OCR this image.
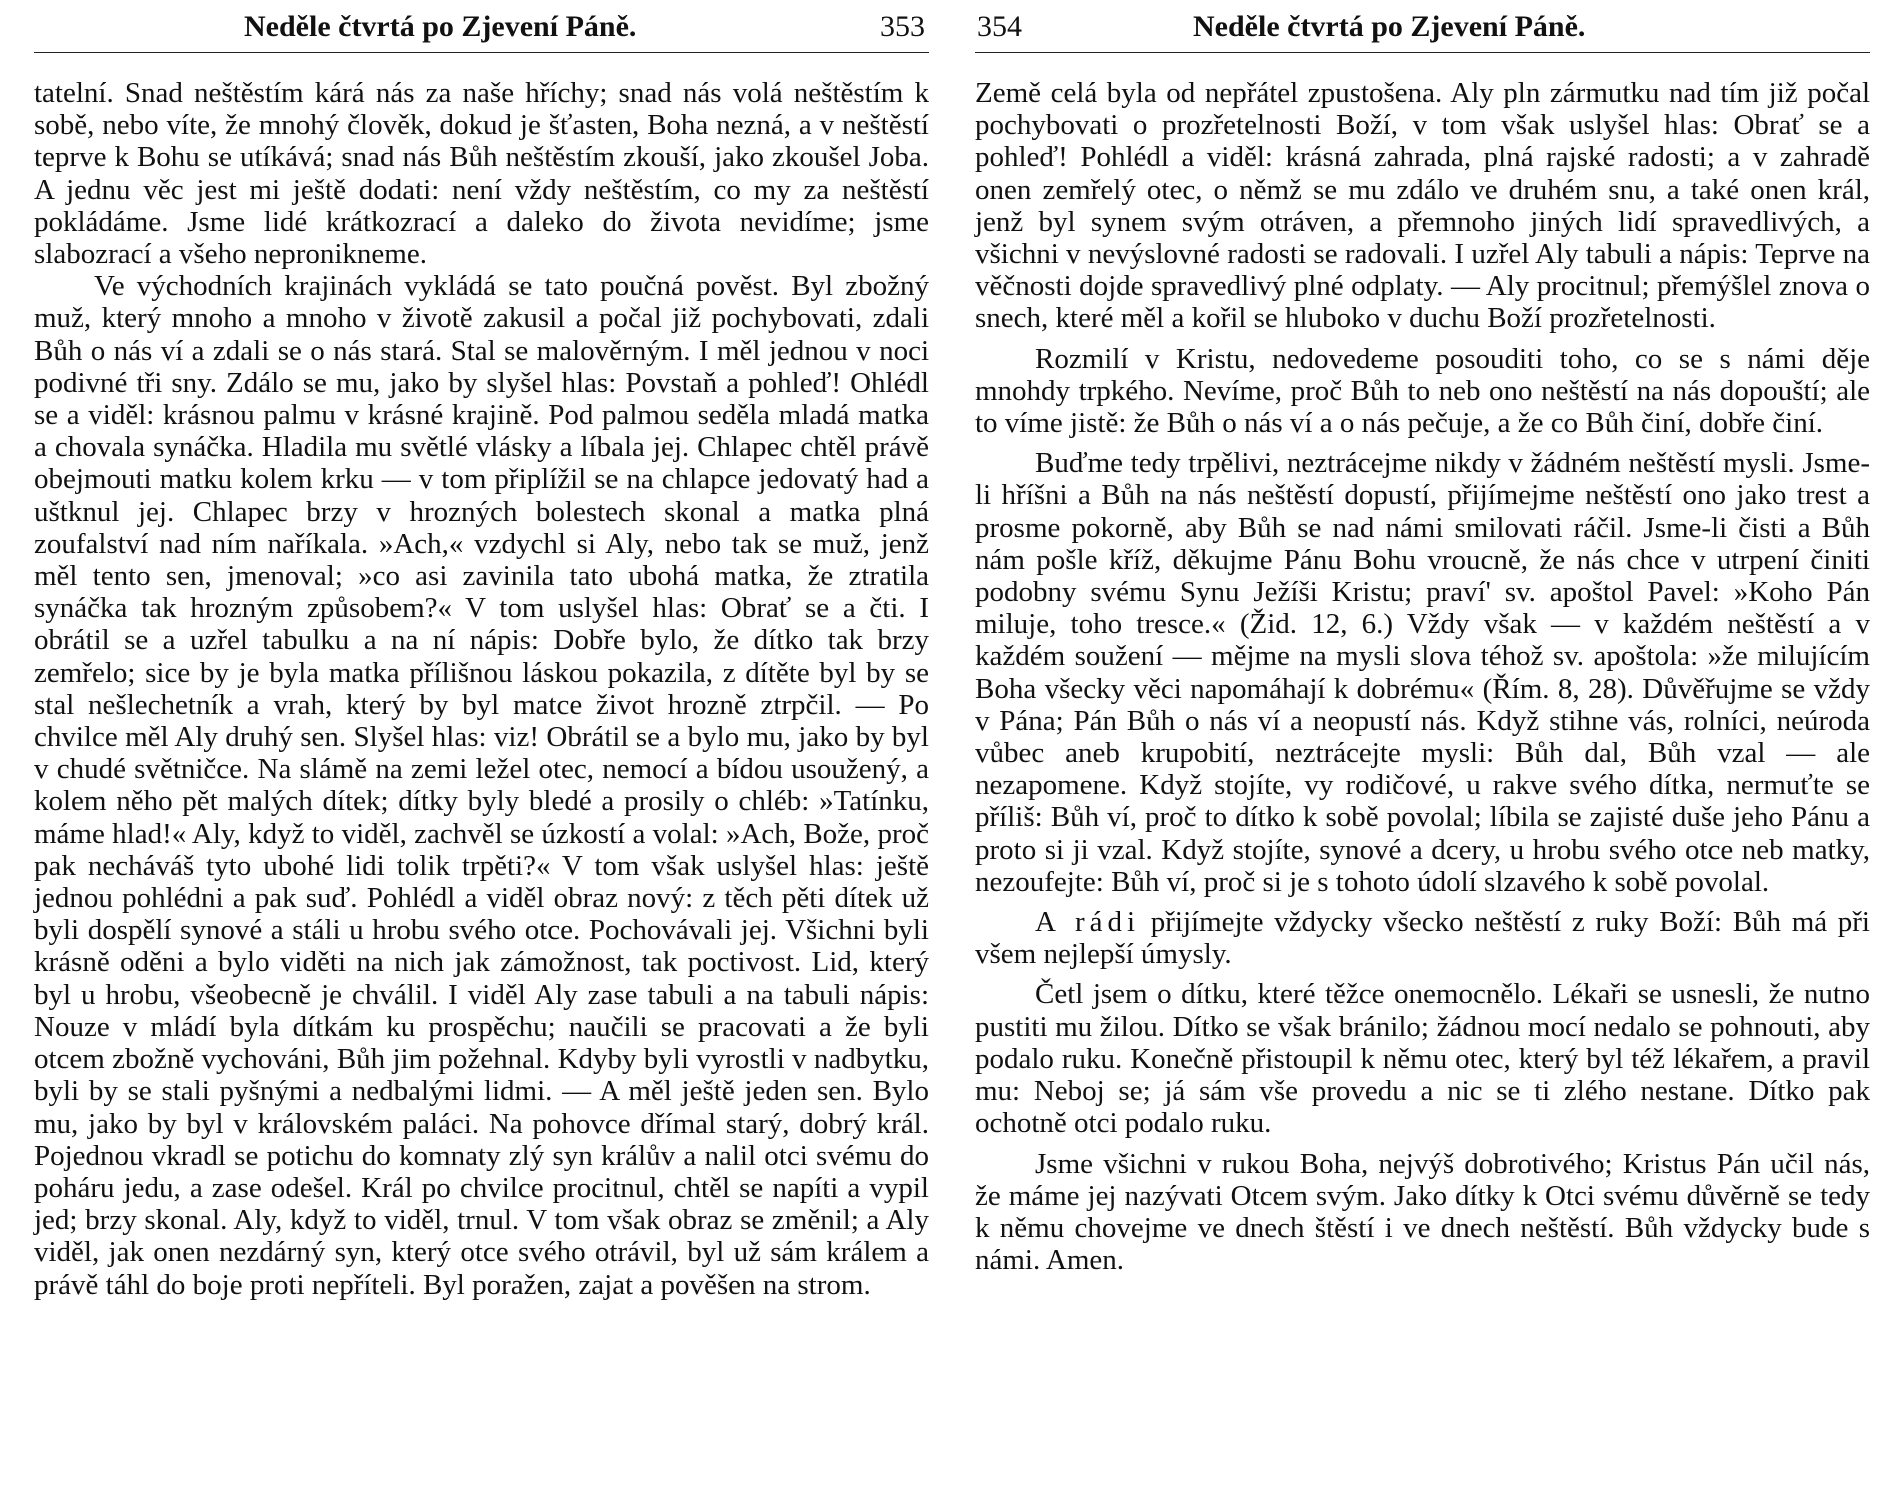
Neděle čtvrtá po Zjevení Páně.	353

tatelní. Snad neštěstím kárá nás za naše hříchy; snad nás volá neštěstím k sobě, nebo víte, že mnohý člověk, dokud je šťasten, Boha nezná, a v neštěstí teprve k Bohu se utíkává; snad nás Bůh neštěstím zkouší, jako zkoušel Joba. A jednu věc jest mi ještě dodati: není vždy neštěstím, co my za neštěstí pokládáme. Jsme lidé krátkozrací a daleko do života nevidíme; jsme slabozrací a všeho nepronikneme.

Ve východních krajinách vykládá se tato poučná pověst. Byl zbožný muž, který mnoho a mnoho v životě zakusil a počal již pochybovati, zdali Bůh o nás ví a zdali se o nás stará. Stal se malověrným. I měl jednou v noci podivné tři sny. Zdálo se mu, jako by slyšel hlas: Povstaň a pohleď! Ohlédl se a viděl: krásnou palmu v krásné krajině. Pod palmou seděla mladá matka a chovala synáčka. Hladila mu světlé vlásky a líbala jej. Chlapec chtěl právě obejmouti matku kolem krku — v tom připlížil se na chlapce jedovatý had a uštknul jej. Chlapec brzy v hrozných bolestech skonal a matka plná zoufalství nad ním naříkala. »Ach,« vzdychl si Aly, nebo tak se muž, jenž měl tento sen, jmenoval; »co asi zavinila tato ubohá matka, že ztratila synáčka tak hrozným způsobem?« V tom uslyšel hlas: Obrať se a čti. I obrátil se a uzřel tabulku a na ní nápis: Dobře bylo, že dítko tak brzy zemřelo; sice by je byla matka přílišnou láskou pokazila, z dítěte byl by se stal nešlechetník a vrah, který by byl matce život hrozně ztrpčil. — Po chvilce měl Aly druhý sen. Slyšel hlas: viz! Obrátil se a bylo mu, jako by byl v chudé světničce. Na slámě na zemi ležel otec, nemocí a bídou usoužený, a kolem něho pět malých dítek; dítky byly bledé a prosily o chléb: »Tatínku, máme hlad!« Aly, když to viděl, zachvěl se úzkostí a volal: »Ach, Bože, proč pak necháváš tyto ubohé lidi tolik trpěti?« V tom však uslyšel hlas: ještě jednou pohlédni a pak suď. Pohlédl a viděl obraz nový: z těch pěti dítek už byli dospělí synové a stáli u hrobu svého otce. Pochovávali jej. Všichni byli krásně oděni a bylo viděti na nich jak zámožnost, tak poctivost. Lid, který byl u hrobu, všeobecně je chválil. I viděl Aly zase tabuli a na tabuli nápis: Nouze v mládí byla dítkám ku prospěchu; naučili se pracovati a že byli otcem zbožně vychováni, Bůh jim požehnal. Kdyby byli vyrostli v nadbytku, byli by se stali pyšnými a nedbalými lidmi. — A měl ještě jeden sen. Bylo mu, jako by byl v královském paláci. Na pohovce dřímal starý, dobrý král. Pojednou vkradl se potichu do komnaty zlý syn králův a nalil otci svému do poháru jedu, a zase odešel. Král po chvilce procitnul, chtěl se napíti a vypil jed; brzy skonal. Aly, když to viděl, trnul. V tom však obraz se změnil; a Aly viděl, jak onen nezdárný syn, který otce svého otrávil, byl už sám králem a právě táhl do boje proti nepříteli. Byl poražen, zajat a pověšen na strom.

354	Neděle čtvrtá po Zjevení Páně.

Země celá byla od nepřátel zpustošena. Aly pln zármutku nad tím již počal pochybovati o prozřetelnosti Boží, v tom však uslyšel hlas: Obrať se a pohleď! Pohlédl a viděl: krásná zahrada, plná rajské radosti; a v zahradě onen zemřelý otec, o němž se mu zdálo ve druhém snu, a také onen král, jenž byl synem svým otráven, a přemnoho jiných lidí spravedlivých, a všichni v nevýslovné radosti se radovali. I uzřel Aly tabuli a nápis: Teprve na věčnosti dojde spravedlivý plné odplaty. — Aly procitnul; přemýšlel znova o snech, které měl a kořil se hluboko v duchu Boží prozřetelnosti.

Rozmilí v Kristu, nedovedeme posouditi toho, co se s námi děje mnohdy trpkého. Nevíme, proč Bůh to neb ono neštěstí na nás dopouští; ale to víme jistě: že Bůh o nás ví a o nás pečuje, a že co Bůh činí, dobře činí.

Buďme tedy trpělivi, neztrácejme nikdy v žádném neštěstí mysli. Jsme-li hříšni a Bůh na nás neštěstí dopustí, přijímejme neštěstí ono jako trest a prosme pokorně, aby Bůh se nad námi smilovati ráčil. Jsme-li čisti a Bůh nám pošle kříž, děkujme Pánu Bohu vroucně, že nás chce v utrpení činiti podobny svému Synu Ježíši Kristu; praví' sv. apoštol Pavel: »Koho Pán miluje, toho tresce.« (Žid. 12, 6.) Vždy však — v každém neštěstí a v každém soužení — mějme na mysli slova téhož sv. apoštola: »že milujícím Boha všecky věci napomáhají k dobrému« (Řím. 8, 28). Důvěřujme se vždy v Pána; Pán Bůh o nás ví a neopustí nás. Když stihne vás, rolníci, neúroda vůbec aneb krupobití, neztrácejte mysli: Bůh dal, Bůh vzal — ale nezapomene. Když stojíte, vy rodičové, u rakve svého dítka, nermuťte se příliš: Bůh ví, proč to dítko k sobě povolal; líbila se zajisté duše jeho Pánu a proto si ji vzal. Když stojíte, synové a dcery, u hrobu svého otce neb matky, nezoufejte: Bůh ví, proč si je s tohoto údolí slzavého k sobě povolal.

A rádi přijímejte vždycky všecko neštěstí z ruky Boží: Bůh má při všem nejlepší úmysly.

Četl jsem o dítku, které těžce onemocnělo. Lékaři se usnesli, že nutno pustiti mu žilou. Dítko se však bránilo; žádnou mocí nedalo se pohnouti, aby podalo ruku. Konečně přistoupil k němu otec, který byl též lékařem, a pravil mu: Neboj se; já sám vše provedu a nic se ti zlého nestane. Dítko pak ochotně otci podalo ruku.

Jsme všichni v rukou Boha, nejvýš dobrotivého; Kristus Pán učil nás, že máme jej nazývati Otcem svým. Jako dítky k Otci svému důvěrně se tedy k němu chovejme ve dnech štěstí i ve dnech neštěstí. Bůh vždycky bude s námi. Amen.
